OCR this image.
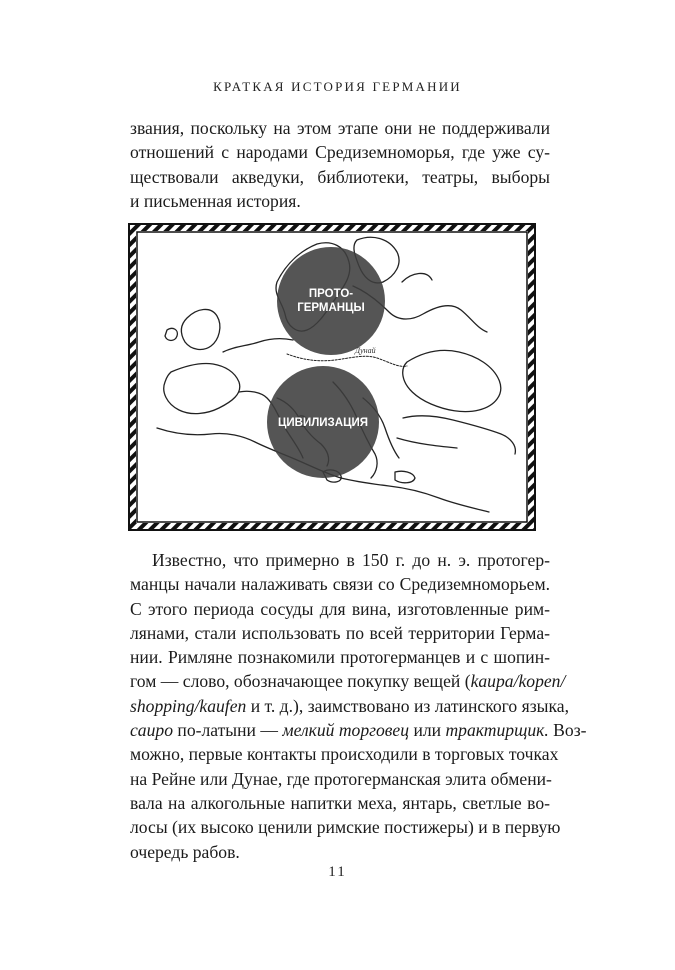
КРАТКАЯ ИСТОРИЯ ГЕРМАНИИ
звания, поскольку на этом этапе они не поддерживали
отношений с народами Средиземноморья, где уже су-
ществовали акведуки, библиотеки, театры, выборы
и письменная история.
ПРОТО-
ГЕРМАНЦЫ
ЦИВИЛИЗАЦИЯ
Дунай
Известно, что примерно в 150 г. до н. э. протогер-
манцы начали налаживать связи со Средиземноморьем.
С этого периода сосуды для вина, изготовленные рим-
лянами, стали использовать по всей территории Герма-
нии. Римляне познакомили протогерманцев и с шопин-
гом — слово, обозначающее покупку вещей (kaupa/kopen/
shopping/kaufen и т. д.), заимствовано из латинского языка,
caupo по-латыни — мелкий торговец или трактирщик. Воз-
можно, первые контакты происходили в торговых точках
на Рейне или Дунае, где протогерманская элита обмени-
вала на алкогольные напитки меха, янтарь, светлые во-
лосы (их высоко ценили римские постижеры) и в первую
очередь рабов.
11
